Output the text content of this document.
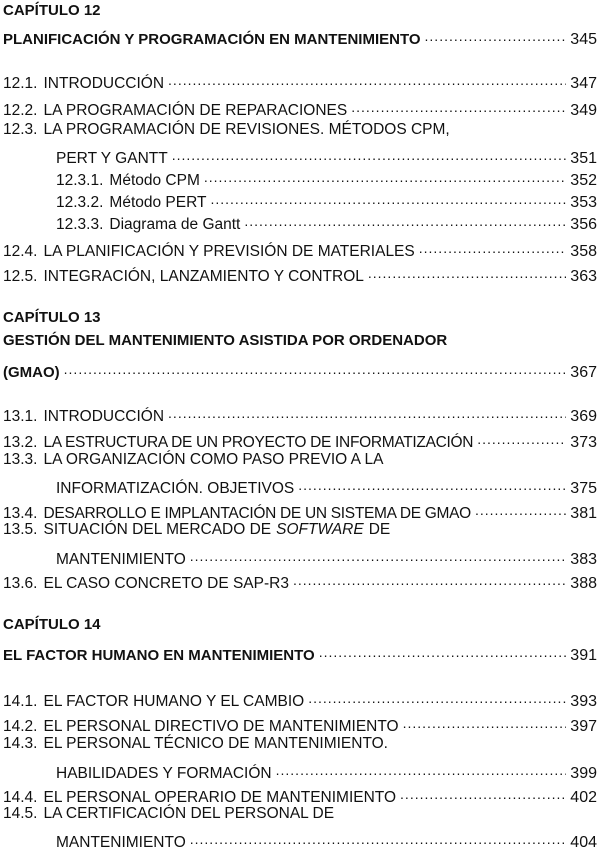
CAPÍTULO 12
PLANIFICACIÓN Y PROGRAMACIÓN EN MANTENIMIENTO .....	345
12.1. INTRODUCCIÓN .....	347
12.2. LA PROGRAMACIÓN DE REPARACIONES .....	349
12.3. LA PROGRAMACIÓN DE REVISIONES. MÉTODOS CPM,
PERT Y GANTT .....	351
12.3.1. Método CPM .....	352
12.3.2. Método PERT .....	353
12.3.3. Diagrama de Gantt .....	356
12.4. LA PLANIFICACIÓN Y PREVISIÓN DE MATERIALES .....	358
12.5. INTEGRACIÓN, LANZAMIENTO Y CONTROL .....	363
CAPÍTULO 13
GESTIÓN DEL MANTENIMIENTO ASISTIDA POR ORDENADOR
(GMAO) .....	367
13.1. INTRODUCCIÓN .....	369
13.2. LA ESTRUCTURA DE UN PROYECTO DE INFORMATIZACIÓN .....	373
13.3. LA ORGANIZACIÓN COMO PASO PREVIO A LA
INFORMATIZACIÓN. OBJETIVOS .....	375
13.4. DESARROLLO E IMPLANTACIÓN DE UN SISTEMA DE GMAO .....	381
13.5. SITUACIÓN DEL MERCADO DE SOFTWARE DE
MANTENIMIENTO .....	383
13.6. EL CASO CONCRETO DE SAP-R3 .....	388
CAPÍTULO 14
EL FACTOR HUMANO EN MANTENIMIENTO .....	391
14.1. EL FACTOR HUMANO Y EL CAMBIO .....	393
14.2. EL PERSONAL DIRECTIVO DE MANTENIMIENTO .....	397
14.3. EL PERSONAL TÉCNICO DE MANTENIMIENTO.
HABILIDADES Y FORMACIÓN .....	399
14.4. EL PERSONAL OPERARIO DE MANTENIMIENTO .....	402
14.5. LA CERTIFICACIÓN DEL PERSONAL DE
MANTENIMIENTO .....	404
